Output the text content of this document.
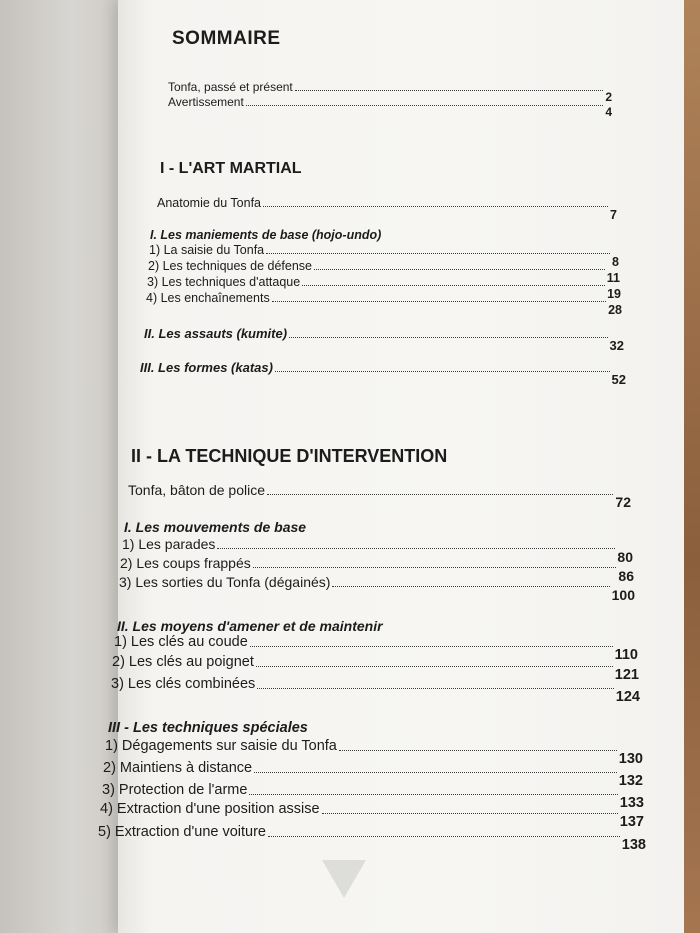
SOMMAIRE
Tonfa, passé et présent
2
Avertissement
4
I - L'ART MARTIAL
Anatomie du Tonfa
7
I. Les maniements de base (hojo-undo)
1) La saisie du Tonfa
8
2) Les techniques de défense
11
3) Les techniques d'attaque
19
4) Les enchaînements
28
II. Les assauts (kumite)
32
III. Les formes (katas)
52
II - LA TECHNIQUE D'INTERVENTION
Tonfa, bâton de police
72
I. Les mouvements de base
1) Les parades
80
2) Les coups frappés
86
3) Les sorties du Tonfa (dégainés)
100
II. Les moyens d'amener et de maintenir
1) Les clés au coude
110
2) Les clés au poignet
121
3) Les clés combinées
124
III - Les techniques spéciales
1) Dégagements sur saisie du Tonfa
130
2) Maintiens à distance
132
3) Protection de l'arme
133
4) Extraction d'une position assise
137
5) Extraction d'une voiture
138
